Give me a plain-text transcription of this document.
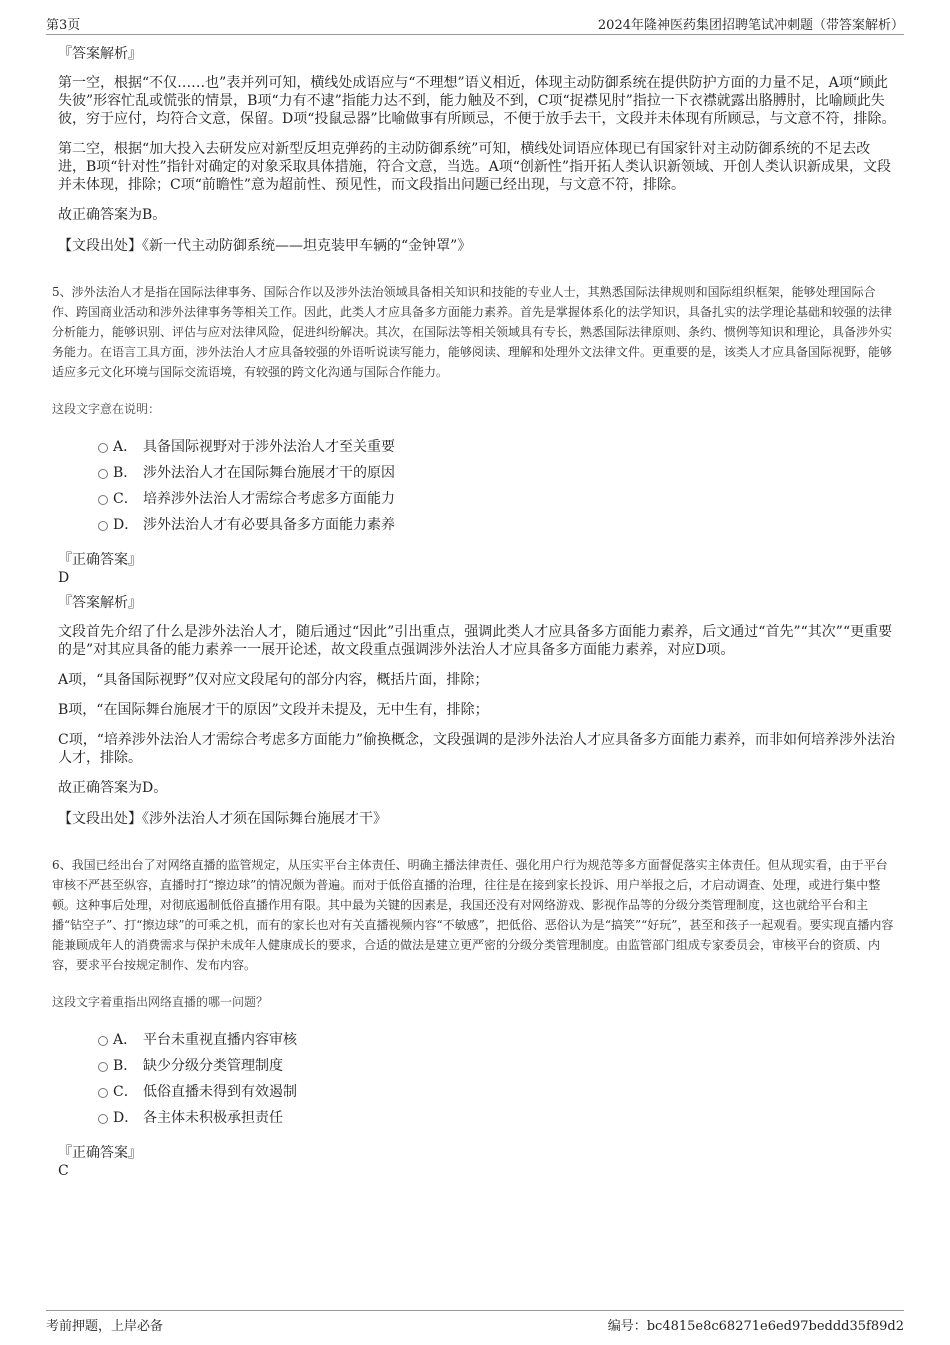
第3页	2024年隆神医药集团招聘笔试冲刺题（带答案解析）
『答案解析』

第一空，根据“不仅……也”表并列可知，横线处成语应与“不理想”语义相近，体现主动防御系统在提供防护方面的力量不足，A项“顾此失彼”形容忙乱或慌张的情景，B项“力有不逮”指能力达不到，能力触及不到，C项“捉襟见肘”指拉一下衣襟就露出胳膊肘，比喻顾此失彼，穷于应付，均符合文意，保留。D项“投鼠忌器”比喻做事有所顾忌，不便于放手去干，文段并未体现有所顾忌，与文意不符，排除。

第二空，根据“加大投入去研发应对新型反坦克弹药的主动防御系统”可知，横线处词语应体现已有国家针对主动防御系统的不足去改进，B项“针对性”指针对确定的对象采取具体措施，符合文意，当选。A项“创新性”指开拓人类认识新领域、开创人类认识新成果，文段并未体现，排除；C项“前瞻性”意为超前性、预见性，而文段指出问题已经出现，与文意不符，排除。

故正确答案为B。

【文段出处】《新一代主动防御系统——坦克装甲车辆的“金钟罩”》

5、涉外法治人才是指在国际法律事务、国际合作以及涉外法治领域具备相关知识和技能的专业人士，其熟悉国际法律规则和国际组织框架，能够处理国际合作、跨国商业活动和涉外法律事务等相关工作。因此，此类人才应具备多方面能力素养。首先是掌握体系化的法学知识，具备扎实的法学理论基础和较强的法律分析能力，能够识别、评估与应对法律风险，促进纠纷解决。其次，在国际法等相关领域具有专长，熟悉国际法律原则、条约、惯例等知识和理论，具备涉外实务能力。在语言工具方面，涉外法治人才应具备较强的外语听说读写能力，能够阅读、理解和处理外文法律文件。更重要的是，该类人才应具备国际视野，能够适应多元文化环境与国际交流语境，有较强的跨文化沟通与国际合作能力。

这段文字意在说明：
A． 具备国际视野对于涉外法治人才至关重要
B． 涉外法治人才在国际舞台施展才干的原因
C． 培养涉外法治人才需综合考虑多方面能力
D． 涉外法治人才有必要具备多方面能力素养
『正确答案』
D
『答案解析』

文段首先介绍了什么是涉外法治人才，随后通过“因此”引出重点，强调此类人才应具备多方面能力素养，后文通过“首先”“其次”“更重要的是”对其应具备的能力素养一一展开论述，故文段重点强调涉外法治人才应具备多方面能力素养，对应D项。

A项，“具备国际视野”仅对应文段尾句的部分内容，概括片面，排除；

B项，“在国际舞台施展才干的原因”文段并未提及，无中生有，排除；

C项，“培养涉外法治人才需综合考虑多方面能力”偷换概念，文段强调的是涉外法治人才应具备多方面能力素养，而非如何培养涉外法治人才，排除。

故正确答案为D。

【文段出处】《涉外法治人才须在国际舞台施展才干》

6、我国已经出台了对网络直播的监管规定，从压实平台主体责任、明确主播法律责任、强化用户行为规范等多方面督促落实主体责任。但从现实看，由于平台审核不严甚至纵容，直播时打“擦边球”的情况颇为普遍。而对于低俗直播的治理，往往是在接到家长投诉、用户举报之后，才启动调查、处理，或进行集中整顿。这种事后处理，对彻底遏制低俗直播作用有限。其中最为关键的因素是，我国还没有对网络游戏、影视作品等的分级分类管理制度，这也就给平台和主播“钻空子”、打“擦边球”的可乘之机，而有的家长也对有关直播视频内容“不敏感”，把低俗、恶俗认为是“搞笑”“好玩”，甚至和孩子一起观看。要实现直播内容能兼顾成年人的消费需求与保护未成年人健康成长的要求，合适的做法是建立更严密的分级分类管理制度。由监管部门组成专家委员会，审核平台的资质、内容，要求平台按规定制作、发布内容。

这段文字着重指出网络直播的哪一问题？
A． 平台未重视直播内容审核
B． 缺少分级分类管理制度
C． 低俗直播未得到有效遏制
D． 各主体未积极承担责任
『正确答案』
C
考前押题，上岸必备	编号：bc4815e8c68271e6ed97beddd35f89d2
